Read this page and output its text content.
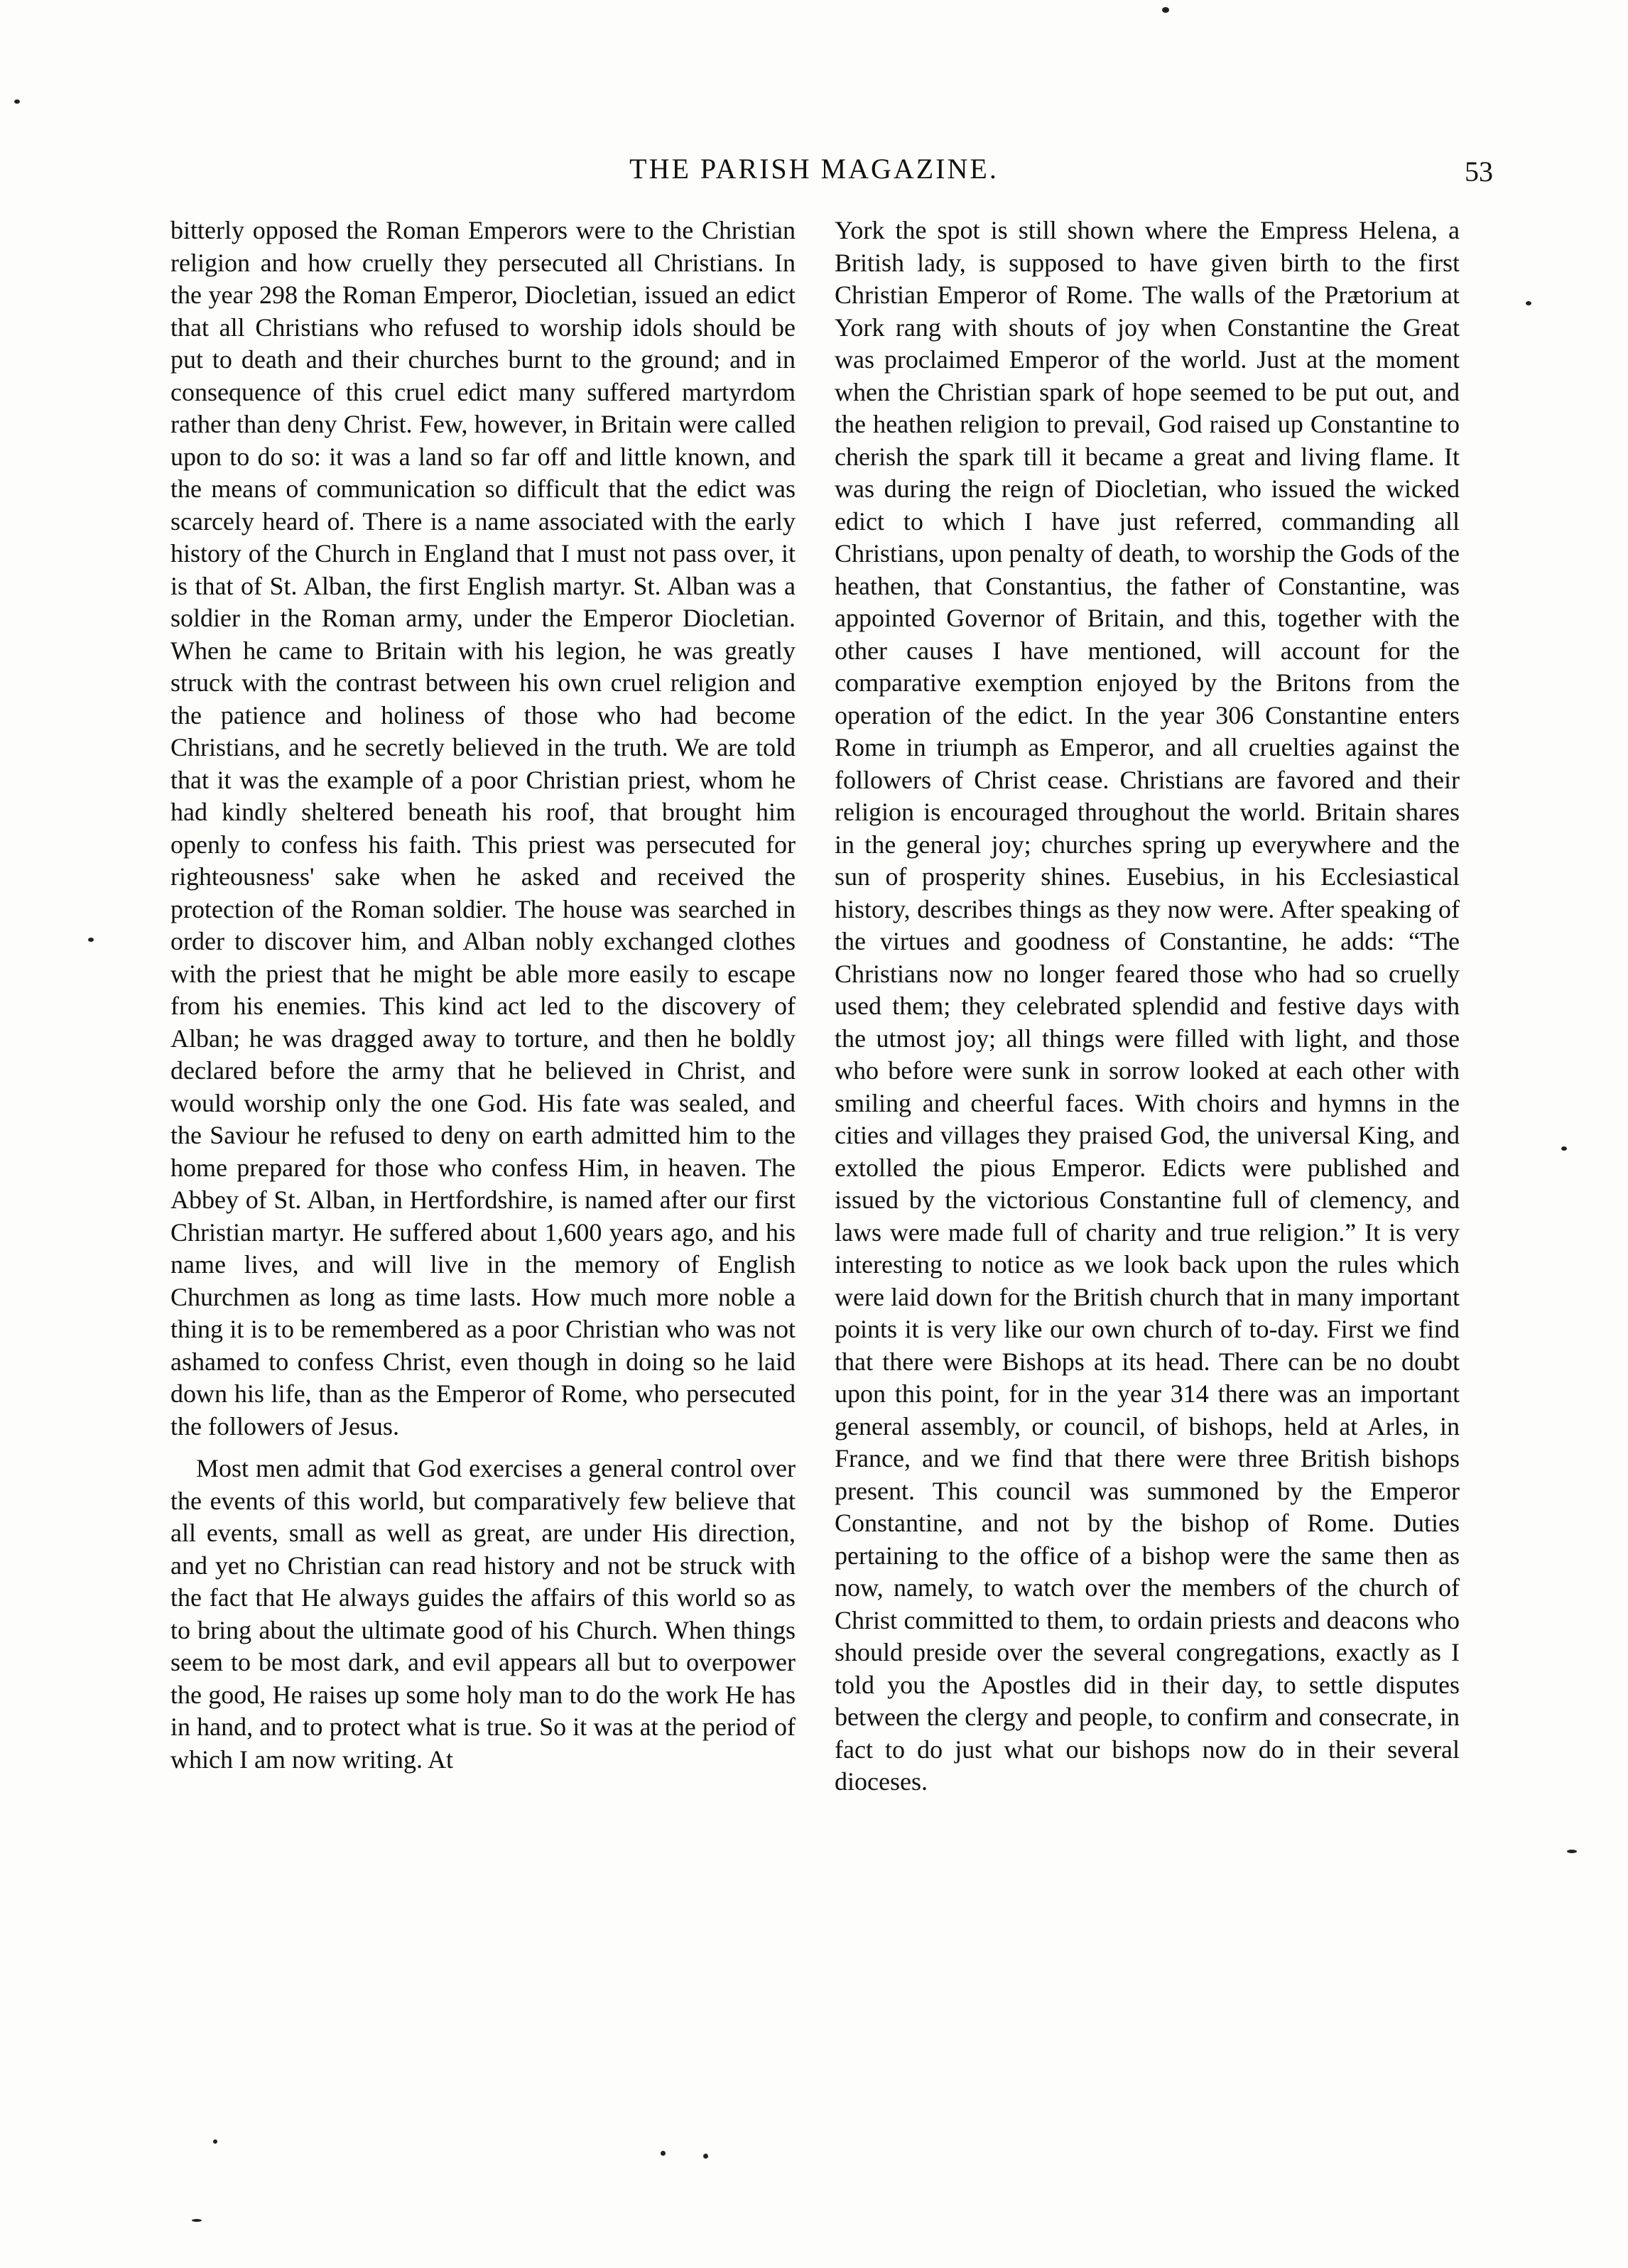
THE PARISH MAGAZINE.	53

bitterly opposed the Roman Emperors were to the Christian religion and how cruelly they persecuted all Christians. In the year 298 the Roman Emperor, Diocletian, issued an edict that all Christians who refused to worship idols should be put to death and their churches burnt to the ground; and in consequence of this cruel edict many suffered martyrdom rather than deny Christ. Few, however, in Britain were called upon to do so: it was a land so far off and little known, and the means of communication so difficult that the edict was scarcely heard of. There is a name associated with the early history of the Church in England that I must not pass over, it is that of St. Alban, the first English martyr. St. Alban was a soldier in the Roman army, under the Emperor Diocletian. When he came to Britain with his legion, he was greatly struck with the contrast between his own cruel religion and the patience and holiness of those who had become Christians, and he secretly believed in the truth. We are told that it was the example of a poor Christian priest, whom he had kindly sheltered beneath his roof, that brought him openly to confess his faith. This priest was persecuted for righteousness' sake when he asked and received the protection of the Roman soldier. The house was searched in order to discover him, and Alban nobly exchanged clothes with the priest that he might be able more easily to escape from his enemies. This kind act led to the discovery of Alban; he was dragged away to torture, and then he boldly declared before the army that he believed in Christ, and would worship only the one God. His fate was sealed, and the Saviour he refused to deny on earth admitted him to the home prepared for those who confess Him, in heaven. The Abbey of St. Alban, in Hertfordshire, is named after our first Christian martyr. He suffered about 1,600 years ago, and his name lives, and will live in the memory of English Churchmen as long as time lasts. How much more noble a thing it is to be remembered as a poor Christian who was not ashamed to confess Christ, even though in doing so he laid down his life, than as the Emperor of Rome, who persecuted the followers of Jesus.

Most men admit that God exercises a general control over the events of this world, but comparatively few believe that all events, small as well as great, are under His direction, and yet no Christian can read history and not be struck with the fact that He always guides the affairs of this world so as to bring about the ultimate good of his Church. When things seem to be most dark, and evil appears all but to overpower the good, He raises up some holy man to do the work He has in hand, and to protect what is true. So it was at the period of which I am now writing. At

York the spot is still shown where the Empress Helena, a British lady, is supposed to have given birth to the first Christian Emperor of Rome. The walls of the Prætorium at York rang with shouts of joy when Constantine the Great was proclaimed Emperor of the world. Just at the moment when the Christian spark of hope seemed to be put out, and the heathen religion to prevail, God raised up Constantine to cherish the spark till it became a great and living flame. It was during the reign of Diocletian, who issued the wicked edict to which I have just referred, commanding all Christians, upon penalty of death, to worship the Gods of the heathen, that Constantius, the father of Constantine, was appointed Governor of Britain, and this, together with the other causes I have mentioned, will account for the comparative exemption enjoyed by the Britons from the operation of the edict. In the year 306 Constantine enters Rome in triumph as Emperor, and all cruelties against the followers of Christ cease. Christians are favored and their religion is encouraged throughout the world. Britain shares in the general joy; churches spring up everywhere and the sun of prosperity shines. Eusebius, in his Ecclesiastical history, describes things as they now were. After speaking of the virtues and goodness of Constantine, he adds: “The Christians now no longer feared those who had so cruelly used them; they celebrated splendid and festive days with the utmost joy; all things were filled with light, and those who before were sunk in sorrow looked at each other with smiling and cheerful faces. With choirs and hymns in the cities and villages they praised God, the universal King, and extolled the pious Emperor. Edicts were published and issued by the victorious Constantine full of clemency, and laws were made full of charity and true religion.” It is very interesting to notice as we look back upon the rules which were laid down for the British church that in many important points it is very like our own church of to-day. First we find that there were Bishops at its head. There can be no doubt upon this point, for in the year 314 there was an important general assembly, or council, of bishops, held at Arles, in France, and we find that there were three British bishops present. This council was summoned by the Emperor Constantine, and not by the bishop of Rome. Duties pertaining to the office of a bishop were the same then as now, namely, to watch over the members of the church of Christ committed to them, to ordain priests and deacons who should preside over the several congregations, exactly as I told you the Apostles did in their day, to settle disputes between the clergy and people, to confirm and consecrate, in fact to do just what our bishops now do in their several dioceses.
